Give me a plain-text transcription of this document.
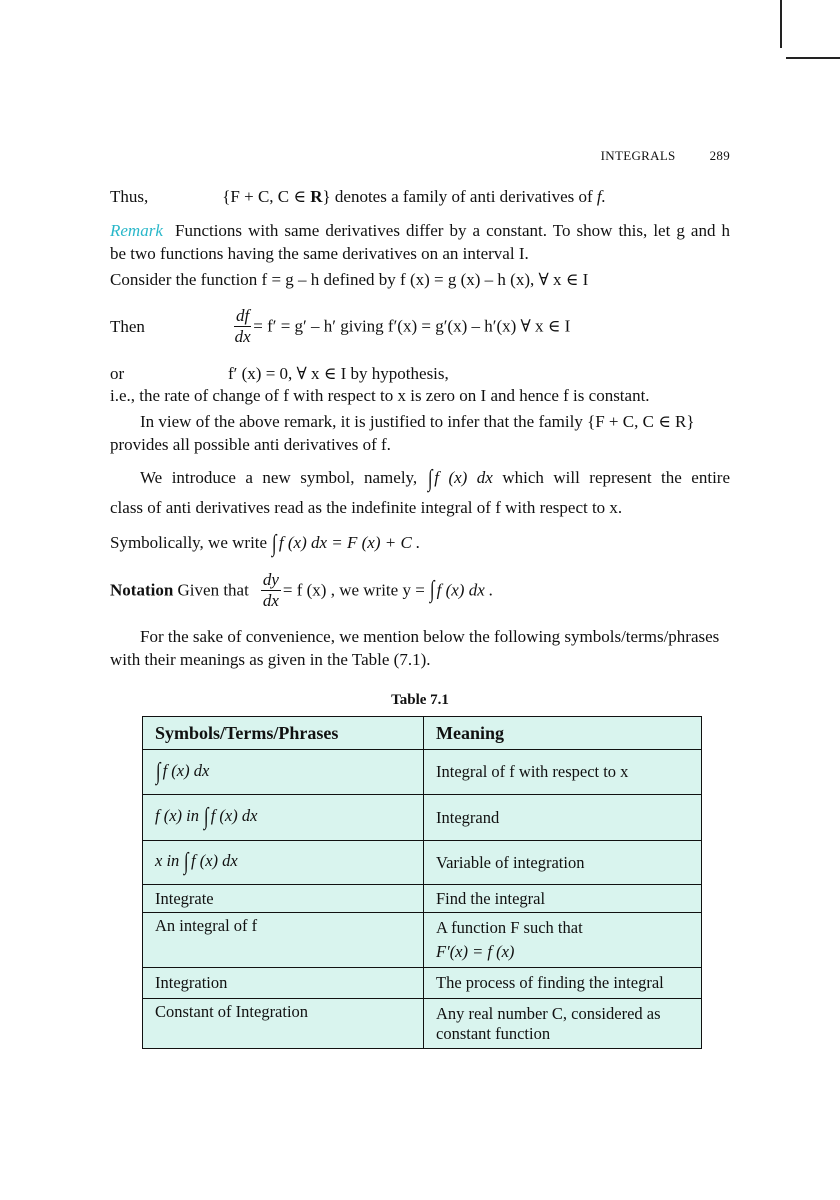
INTEGRALS	289
Thus,	{F + C, C ∈ R} denotes a family of anti derivatives of f.
Remark Functions with same derivatives differ by a constant. To show this, let g and h
be two functions having the same derivatives on an interval I.
Consider the function f = g – h defined by f (x) = g (x) – h (x), ∀ x ∈ I
Then	$\frac{df}{dx} = f' = g' - h'$ giving f′(x) = g′(x) – h′(x) ∀ x ∈ I
or	f′ (x) = 0, ∀ x ∈ I by hypothesis,
i.e., the rate of change of f with respect to x is zero on I and hence f is constant.
In view of the above remark, it is justified to infer that the family {F + C, C ∈ R}
provides all possible anti derivatives of f.
We introduce a new symbol, namely, ∫ f (x) dx which will represent the entire
class of anti derivatives read as the indefinite integral of f with respect to x.
Symbolically, we write ∫ f (x) dx = F (x) + C .
Notation Given that $\frac{dy}{dx} = f$ (x) , we write y = ∫ f (x) dx .
For the sake of convenience, we mention below the following symbols/terms/phrases
with their meanings as given in the Table (7.1).
Table 7.1
Symbols/Terms/Phrases	Meaning
∫ f (x) dx	Integral of f with respect to x
f (x) in ∫ f (x) dx	Integrand
x in ∫ f (x) dx	Variable of integration
Integrate	Find the integral
An integral of f	A function F such that
F′(x) = f (x)

Integration	The process of finding the integral
Constant of Integration	Any real number C, considered as
constant function
